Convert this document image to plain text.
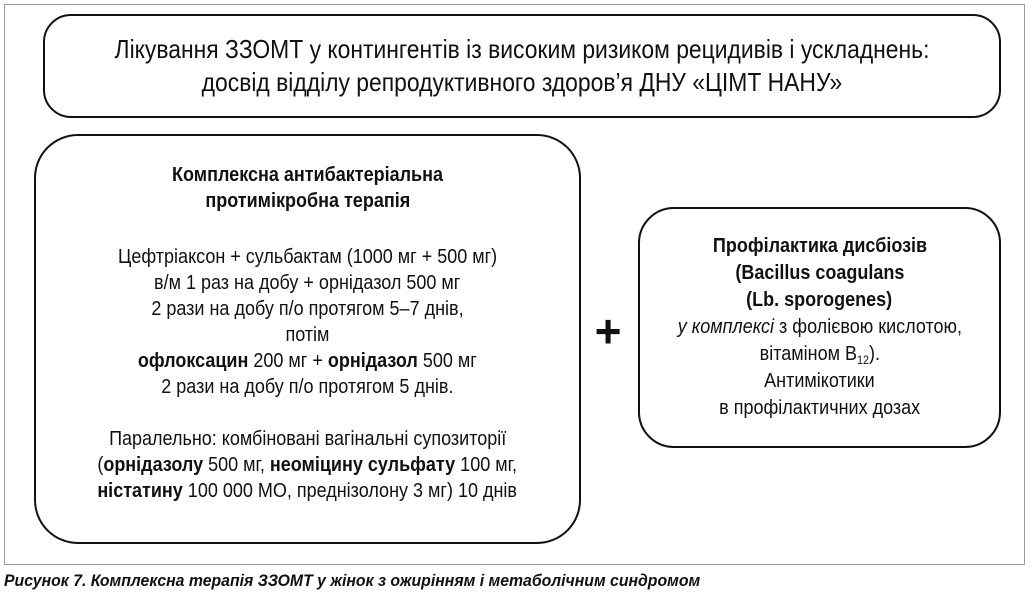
Лікування ЗЗОМТ у контингентів із високим ризиком рецидивів і ускладнень:
досвід відділу репродуктивного здоров’я ДНУ «ЦІМТ НАНУ»
Комплексна антибактеріальна
протимікробна терапія
Цефтріаксон + сульбактам (1000 мг + 500 мг)
в/м 1 раз на добу + орнідазол 500 мг
2 рази на добу п/о протягом 5–7 днів,
потім
офлоксацин 200 мг + орнідазол 500 мг
2 рази на добу п/о протягом 5 днів.
Паралельно: комбіновані вагінальні супозиторії
(орнідазолу 500 мг, неоміцину сульфату 100 мг,
ністатину 100 000 МО, преднізолону 3 мг) 10 днів
+
Профілактика дисбіозів
(Bacillus coagulans
(Lb. sporogenes)
у комплексі з фолієвою кислотою,
вітаміном $B_{12}$).
Антимікотики
в профілактичних дозах
Рисунок 7. Комплексна терапія ЗЗОМТ у жінок з ожирінням і метаболічним синдромом
